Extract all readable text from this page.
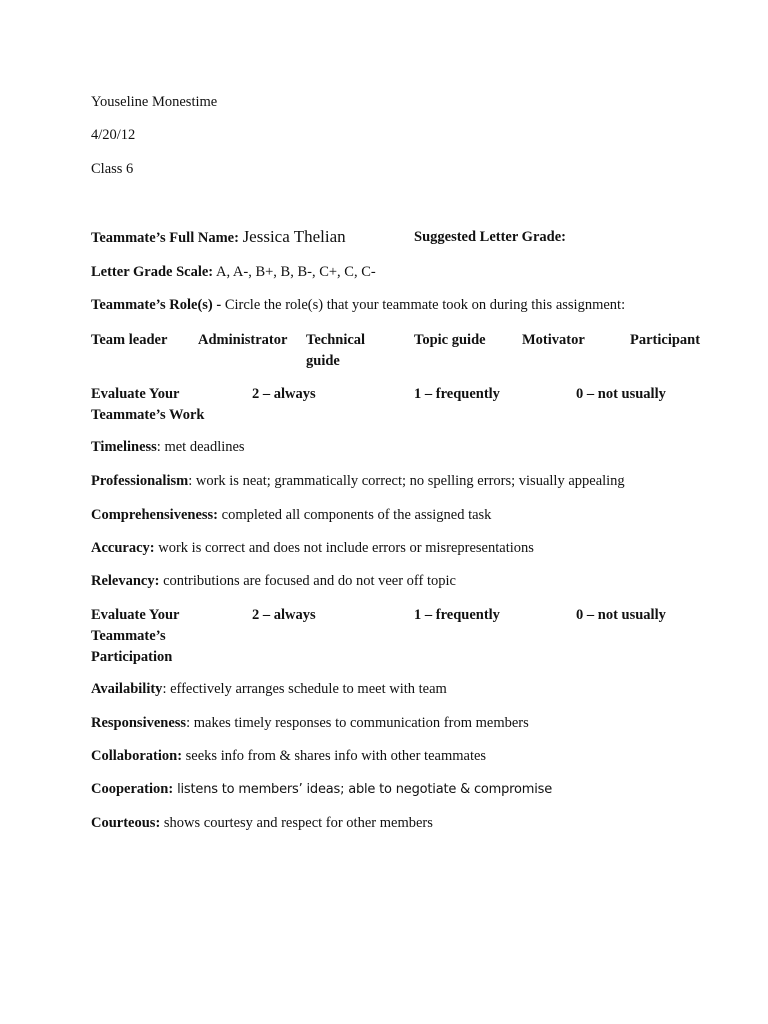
Youseline Monestime
4/20/12
Class 6
Teammate’s Full Name: Jessica Thelian	Suggested Letter Grade:
Letter Grade Scale: A, A-, B+, B, B-, C+, C, C-
Teammate’s Role(s) - Circle the role(s) that your teammate took on during this assignment:
Team leader Administrator Technical
guide
Topic guide	Motivator	Participant
Evaluate Your
Teammate’s Work
2 – always	1 – frequently	0 – not usually
Timeliness: met deadlines
Professionalism: work is neat; grammatically correct; no spelling errors; visually appealing
Comprehensiveness: completed all components of the assigned task
Accuracy: work is correct and does not include errors or misrepresentations
Relevancy: contributions are focused and do not veer off topic
Evaluate Your
Teammate’s
Participation
2 – always	1 – frequently	0 – not usually
Availability: effectively arranges schedule to meet with team
Responsiveness: makes timely responses to communication from members
Collaboration: seeks info from & shares info with other teammates
Cooperation: listens to members’ ideas; able to negotiate & compromise
Courteous: shows courtesy and respect for other members
